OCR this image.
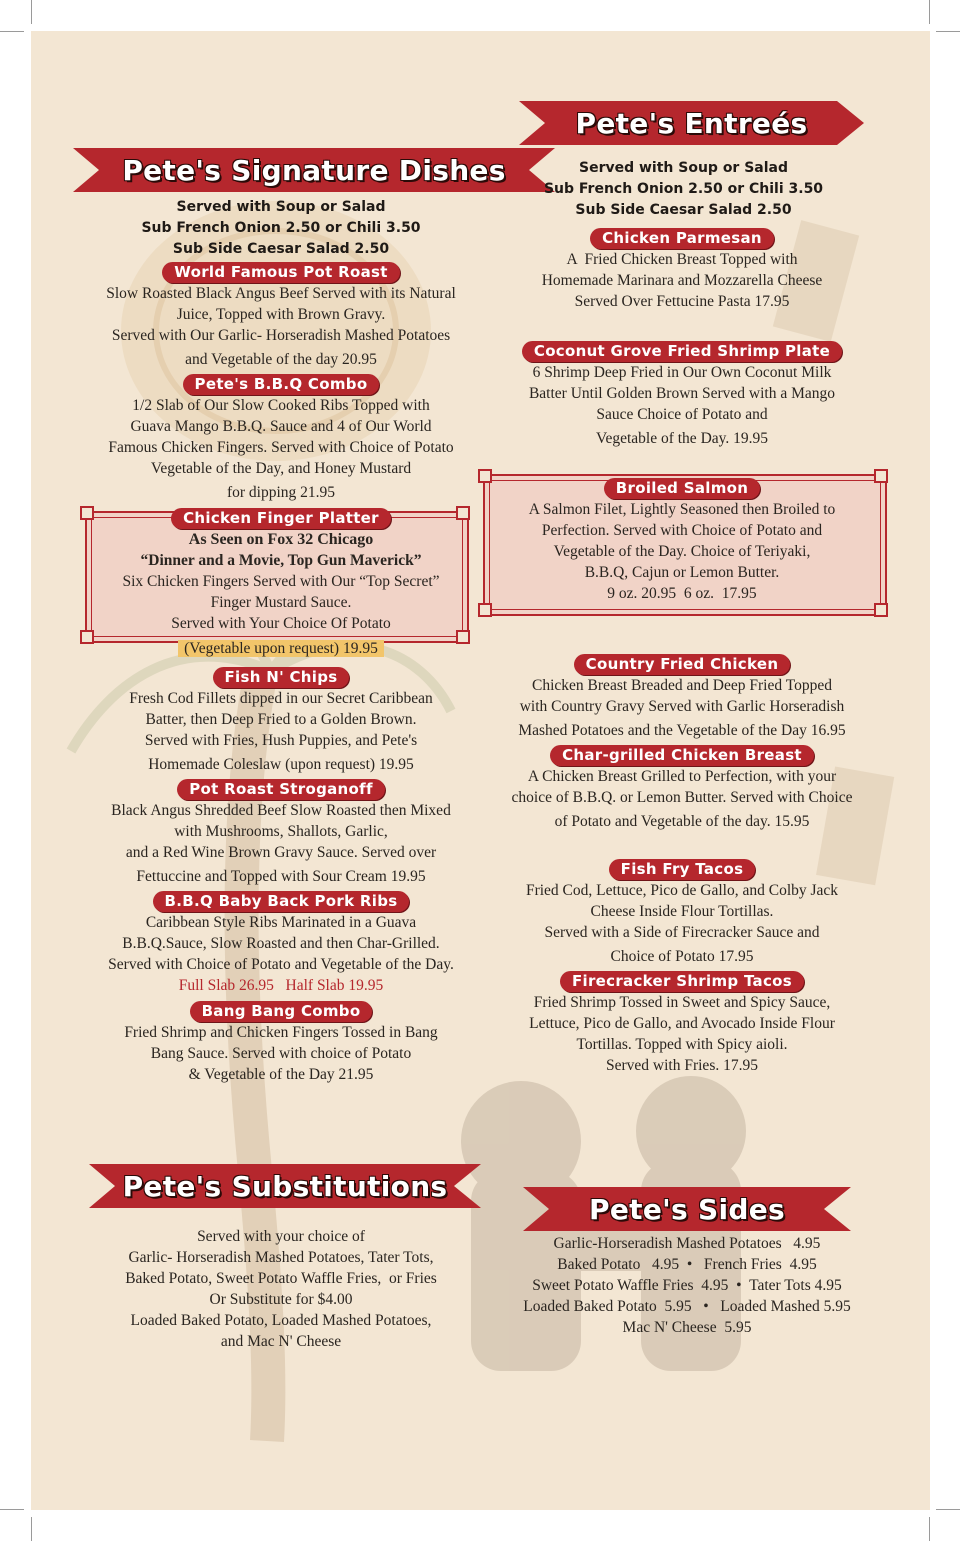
Pete's Signature Dishes
Served with Soup or Salad
Sub French Onion 2.50 or Chili 3.50
Sub Side Caesar Salad 2.50
World Famous Pot Roast
Slow Roasted Black Angus Beef Served with its Natural
Juice, Topped with Brown Gravy.
Served with Our Garlic- Horseradish Mashed Potatoes
and Vegetable of the day 20.95
Pete's B.B.Q Combo
1/2 Slab of Our Slow Cooked Ribs Topped with
Guava Mango B.B.Q. Sauce and 4 of Our World
Famous Chicken Fingers. Served with Choice of Potato
Vegetable of the Day, and Honey Mustard
for dipping 21.95
Chicken Finger Platter
As Seen on Fox 32 Chicago
“Dinner and a Movie, Top Gun Maverick”
Six Chicken Fingers Served with Our “Top Secret”
Finger Mustard Sauce.
Served with Your Choice Of Potato
(Vegetable upon request) 19.95
Fish N' Chips
Fresh Cod Fillets dipped in our Secret Caribbean
Batter, then Deep Fried to a Golden Brown.
Served with Fries, Hush Puppies, and Pete's
Homemade Coleslaw (upon request) 19.95
Pot Roast Stroganoff
Black Angus Shredded Beef Slow Roasted then Mixed
with Mushrooms, Shallots, Garlic,
and a Red Wine Brown Gravy Sauce. Served over
Fettuccine and Topped with Sour Cream 19.95
B.B.Q Baby Back Pork Ribs
Caribbean Style Ribs Marinated in a Guava
B.B.Q.Sauce, Slow Roasted and then Char-Grilled.
Served with Choice of Potato and Vegetable of the Day.
Full Slab 26.95   Half Slab 19.95
Bang Bang Combo
Fried Shrimp and Chicken Fingers Tossed in Bang
Bang Sauce. Served with choice of Potato
& Vegetable of the Day 21.95
Pete's Entreés
Served with Soup or Salad
Sub French Onion 2.50 or Chili 3.50
Sub Side Caesar Salad 2.50
Chicken Parmesan
A  Fried Chicken Breast Topped with
Homemade Marinara and Mozzarella Cheese
Served Over Fettucine Pasta 17.95
Coconut Grove Fried Shrimp Plate
6 Shrimp Deep Fried in Our Own Coconut Milk
Batter Until Golden Brown Served with a Mango
Sauce Choice of Potato and
Vegetable of the Day. 19.95
Broiled Salmon
A Salmon Filet, Lightly Seasoned then Broiled to
Perfection. Served with Choice of Potato and
Vegetable of the Day. Choice of Teriyaki,
B.B.Q, Cajun or Lemon Butter.
9 oz. 20.95  6 oz.  17.95
Country Fried Chicken
Chicken Breast Breaded and Deep Fried Topped
with Country Gravy Served with Garlic Horseradish
Mashed Potatoes and the Vegetable of the Day 16.95
Char-grilled Chicken Breast
A Chicken Breast Grilled to Perfection, with your
choice of B.B.Q. or Lemon Butter. Served with Choice
of Potato and Vegetable of the day. 15.95
Fish Fry Tacos
Fried Cod, Lettuce, Pico de Gallo, and Colby Jack
Cheese Inside Flour Tortillas.
Served with a Side of Firecracker Sauce and
Choice of Potato 17.95
Firecracker Shrimp Tacos
Fried Shrimp Tossed in Sweet and Spicy Sauce,
Lettuce, Pico de Gallo, and Avocado Inside Flour
Tortillas. Topped with Spicy aioli.
Served with Fries. 17.95
Pete's Substitutions
Served with your choice of
Garlic- Horseradish Mashed Potatoes, Tater Tots,
Baked Potato, Sweet Potato Waffle Fries,  or Fries
Or Substitute for $4.00
Loaded Baked Potato, Loaded Mashed Potatoes,
and Mac N' Cheese
Pete's Sides
Garlic-Horseradish Mashed Potatoes   4.95
Baked Potato   4.95  •   French Fries  4.95
Sweet Potato Waffle Fries  4.95  •  Tater Tots 4.95
Loaded Baked Potato  5.95   •   Loaded Mashed 5.95
Mac N' Cheese  5.95
